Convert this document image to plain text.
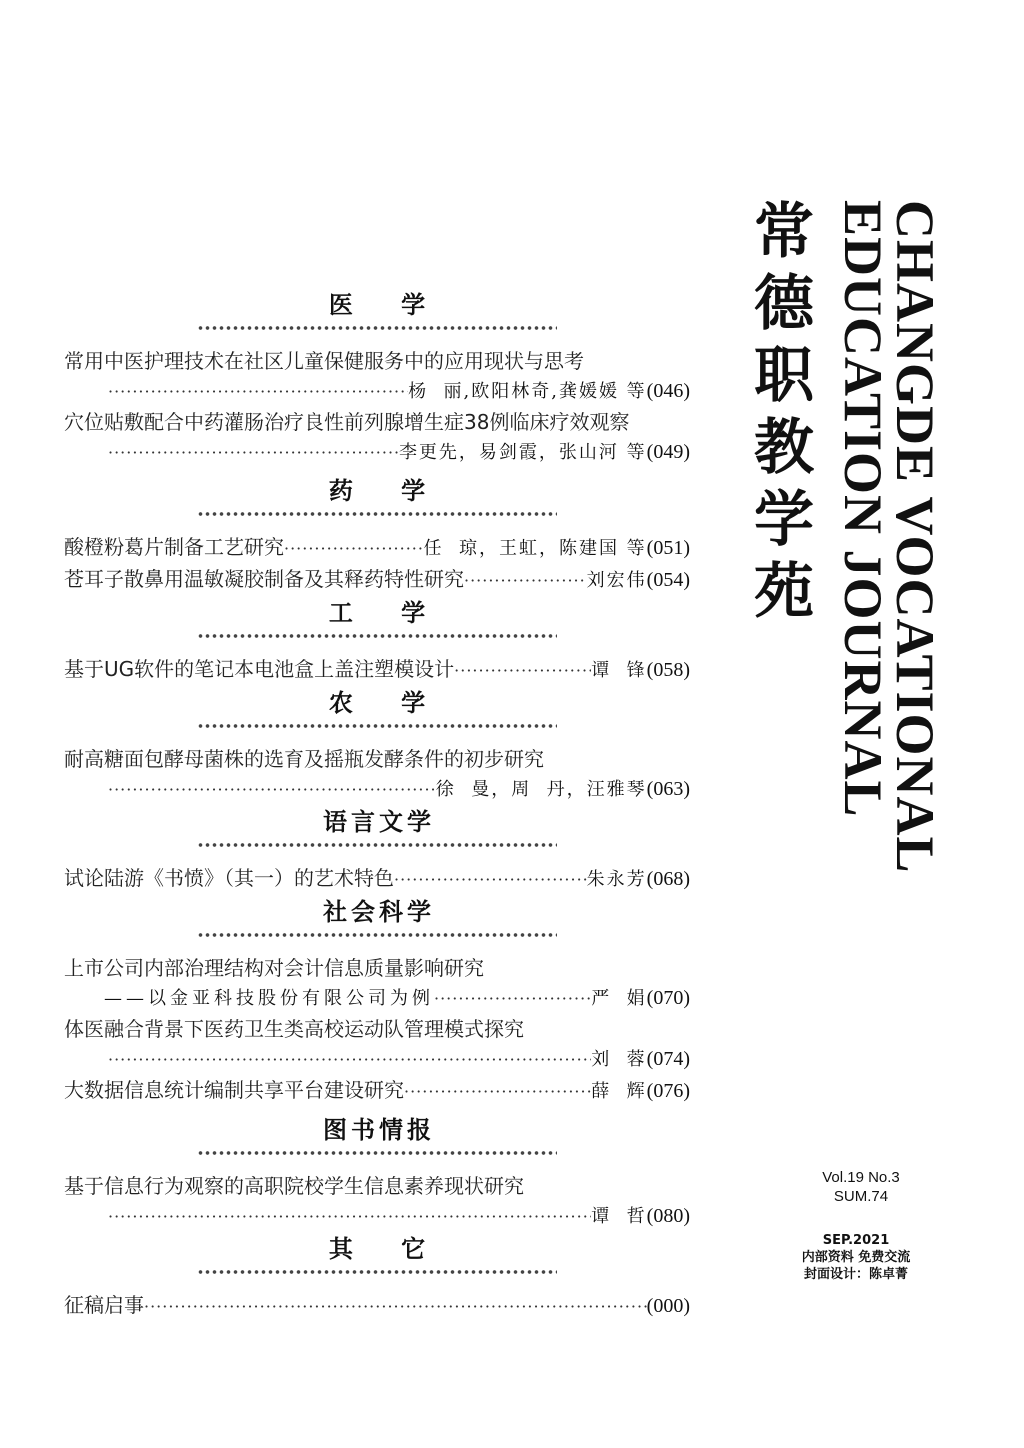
医 学
常用中医护理技术在社区儿童保健服务中的应用现状与思考
·····
杨  丽,欧阳林奇,龚媛媛 等 (046)
穴位贴敷配合中药灌肠治疗良性前列腺增生症38例临床疗效观察
·····
李更先，易剑霞，张山河 等 (049)
药 学
酸橙粉葛片制备工艺研究 ·····	任  琼，王虹，陈建国 等 (051)
苍耳子散鼻用温敏凝胶制备及其释药特性研究 ·····	刘宏伟 (054)
工 学
基于UG软件的笔记本电池盒上盖注塑模设计 ·····	谭  锋 (058)
农 学
耐高糖面包酵母菌株的选育及摇瓶发酵条件的初步研究
·····
徐  曼，周  丹，汪雅琴 (063)
语言文学
试论陆游《书愤》（其一）的艺术特色 ·····	朱永芳 (068)
社会科学
上市公司内部治理结构对会计信息质量影响研究
——以金亚科技股份有限公司为例 ·····	严  娟 (070)
体医融合背景下医药卫生类高校运动队管理模式探究
·····
刘  蓉 (074)
大数据信息统计编制共享平台建设研究 ·····	薛  辉 (076)
图书情报
基于信息行为观察的高职院校学生信息素养现状研究
·····
谭  哲 (080)
其 它
征稿启事 ·····	(000)
常
德
职
教
学
苑 CHANGDE VOCATIONAL
EDUCATION JOURNAL
Vol.19 No.3
SUM.74
SEP.2021
内部资料 免费交流
封面设计：陈卓菁
